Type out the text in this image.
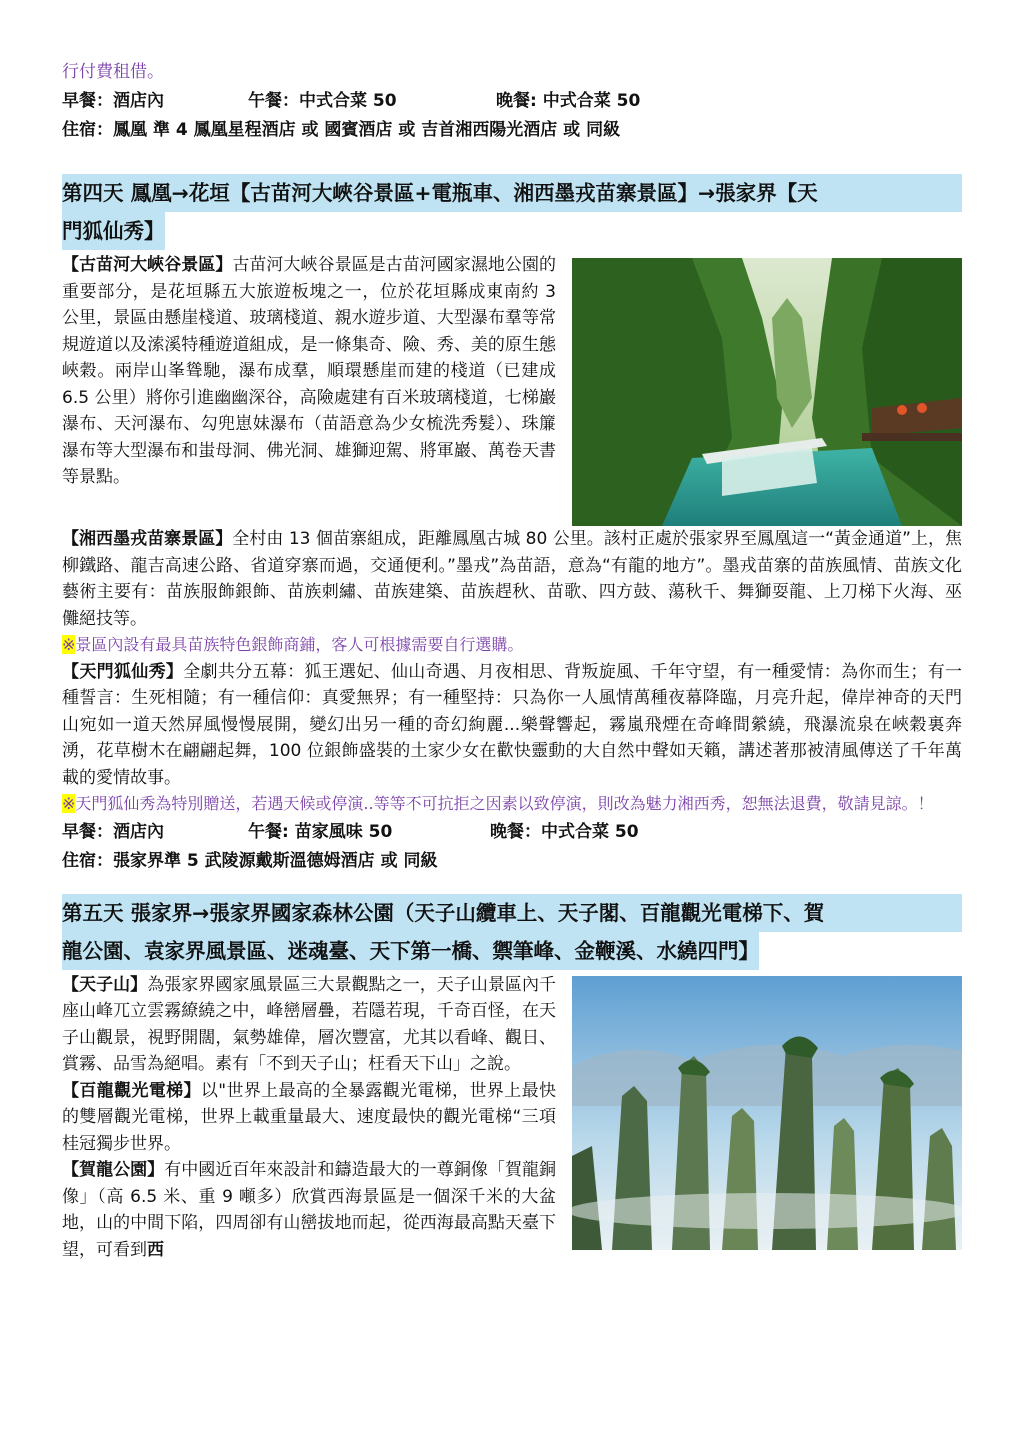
行付費租借。
早餐：酒店內	午餐：中式合菜 50	晚餐: 中式合菜 50
住宿：鳳凰 準 4 鳳凰星程酒店 或 國賓酒店 或 吉首湘西陽光酒店 或 同級
第四天 鳳凰→花垣【古苗河大峽谷景區+電瓶車、湘西墨戎苗寨景區】→張家界【天
門狐仙秀】
【古苗河大峽谷景區】古苗河大峽谷景區是古苗河國家濕地公園的重要部分，是花垣縣五大旅遊板塊之一，位於花垣縣成東南約 3 公里，景區由懸崖棧道、玻璃棧道、親水遊步道、大型瀑布羣等常規遊道以及溹溪特種遊道組成，是一條集奇、險、秀、美的原生態峽穀。兩岸山峯聳馳，瀑布成羣，順環懸崖而建的棧道（已建成 6.5 公里）將你引進幽幽深谷，高險處建有百米玻璃棧道，七梯巖瀑布、天河瀑布、勾兜崽妹瀑布（苗語意為少女梳洗秀髮）、珠簾瀑布等大型瀑布和蚩母洞、佛光洞、雄獅迎駕、將軍巖、萬卷天書等景點。
【湘西墨戎苗寨景區】全村由 13 個苗寨組成，距離鳳凰古城 80 公里。該村正處於張家界至鳳凰這一“黃金通道”上，焦柳鐵路、龍吉高速公路、省道穿寨而過，交通便利。”墨戎”為苗語，意為“有龍的地方”。墨戎苗寨的苗族風情、苗族文化藝術主要有：苗族服飾銀飾、苗族刺繡、苗族建築、苗族趕秋、苗歌、四方鼓、蕩秋千、舞獅耍龍、上刀梯下火海、巫儺絕技等。
※景區內設有最具苗族特色銀飾商鋪，客人可根據需要自行選購。
【天門狐仙秀】全劇共分五幕：狐王選妃、仙山奇遇、月夜相思、背叛旋風、千年守望，有一種愛情：為你而生；有一種誓言：生死相隨；有一種信仰：真愛無界；有一種堅持：只為你一人風情萬種夜幕降臨，月亮升起，偉岸神奇的天門山宛如一道天然屏風慢慢展開，變幻出另一種的奇幻絢麗...樂聲響起，霧嵐飛煙在奇峰間縈繞，飛瀑流泉在峽穀裏奔湧，花草樹木在翩翩起舞，100 位銀飾盛裝的土家少女在歡快靈動的大自然中聲如天籟，講述著那被清風傳送了千年萬載的愛情故事。
※天門狐仙秀為特別贈送，若遇天候或停演..等等不可抗拒之因素以致停演，則改為魅力湘西秀，恕無法退費，敬請見諒。！
早餐：酒店內	午餐: 苗家風味 50	晚餐：中式合菜 50
住宿：張家界準 5 武陵源戴斯溫德姆酒店 或 同級
第五天 張家界→張家界國家森林公園（天子山纜車上、天子閣、百龍觀光電梯下、賀
龍公園、袁家界風景區、迷魂臺、天下第一橋、禦筆峰、金鞭溪、水繞四門】
【天子山】為張家界國家風景區三大景觀點之一，天子山景區內千座山峰兀立雲霧繚繞之中，峰巒層疊，若隱若現，千奇百怪，在天子山觀景，視野開闊，氣勢雄偉，層次豐富，尤其以看峰、觀日、賞霧、品雪為絕唱。素有「不到天子山；枉看天下山」之說。
【百龍觀光電梯】以"世界上最高的全暴露觀光電梯，世界上最快的雙層觀光電梯，世界上載重量最大、速度最快的觀光電梯“三項桂冠獨步世界。
【賀龍公園】有中國近百年來設計和鑄造最大的一尊銅像「賀龍銅像」（高 6.5 米、重 9 噸多）欣賞西海景區是一個深千米的大盆地，山的中間下陷，四周卻有山巒拔地而起，從西海最高點天臺下望，可看到西
